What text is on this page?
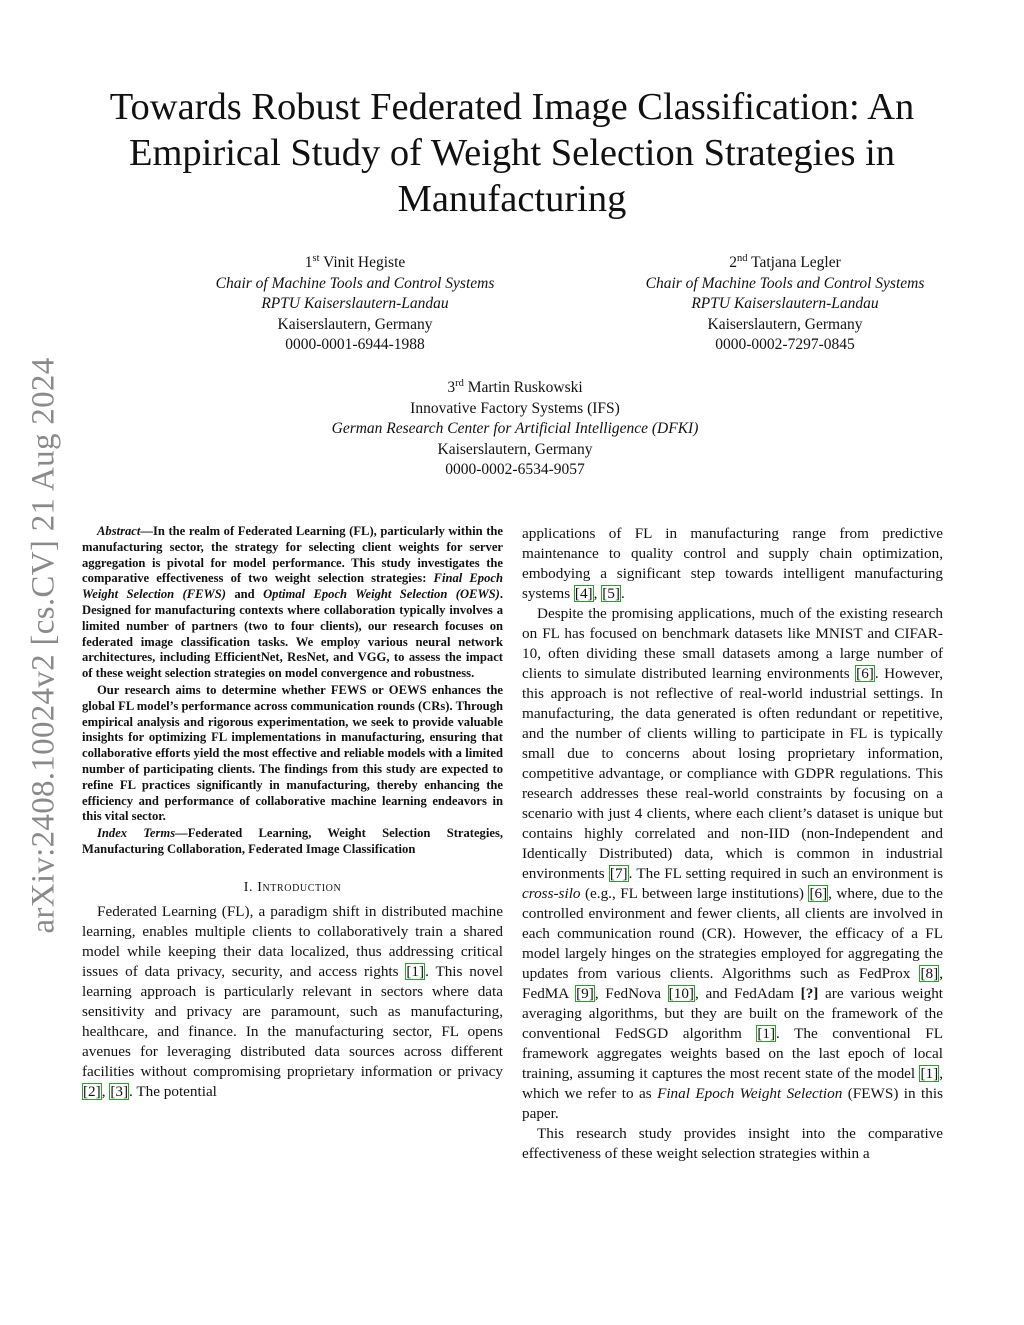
arXiv:2408.10024v2 [cs.CV] 21 Aug 2024
Towards Robust Federated Image Classification: An Empirical Study of Weight Selection Strategies in Manufacturing
1st Vinit Hegiste
Chair of Machine Tools and Control Systems
RPTU Kaiserslautern-Landau
Kaiserslautern, Germany
0000-0001-6944-1988
2nd Tatjana Legler
Chair of Machine Tools and Control Systems
RPTU Kaiserslautern-Landau
Kaiserslautern, Germany
0000-0002-7297-0845
3rd Martin Ruskowski
Innovative Factory Systems (IFS)
German Research Center for Artificial Intelligence (DFKI)
Kaiserslautern, Germany
0000-0002-6534-9057

Abstract—In the realm of Federated Learning (FL), particularly within the manufacturing sector, the strategy for selecting client weights for server aggregation is pivotal for model performance. This study investigates the comparative effectiveness of two weight selection strategies: Final Epoch Weight Selection (FEWS) and Optimal Epoch Weight Selection (OEWS). Designed for manufacturing contexts where collaboration typically involves a limited number of partners (two to four clients), our research focuses on federated image classification tasks. We employ various neural network architectures, including EfficientNet, ResNet, and VGG, to assess the impact of these weight selection strategies on model convergence and robustness.

Our research aims to determine whether FEWS or OEWS enhances the global FL model’s performance across communication rounds (CRs). Through empirical analysis and rigorous experimentation, we seek to provide valuable insights for optimizing FL implementations in manufacturing, ensuring that collaborative efforts yield the most effective and reliable models with a limited number of participating clients. The findings from this study are expected to refine FL practices significantly in manufacturing, thereby enhancing the efficiency and performance of collaborative machine learning endeavors in this vital sector.

Index Terms—Federated Learning, Weight Selection Strategies, Manufacturing Collaboration, Federated Image Classification

I. Introduction

Federated Learning (FL), a paradigm shift in distributed machine learning, enables multiple clients to collaboratively train a shared model while keeping their data localized, thus addressing critical issues of data privacy, security, and access rights [1]. This novel learning approach is particularly relevant in sectors where data sensitivity and privacy are paramount, such as manufacturing, healthcare, and finance. In the manufacturing sector, FL opens avenues for leveraging distributed data sources across different facilities without compromising proprietary information or privacy [2], [3]. The potential

applications of FL in manufacturing range from predictive maintenance to quality control and supply chain optimization, embodying a significant step towards intelligent manufacturing systems [4], [5].

Despite the promising applications, much of the existing research on FL has focused on benchmark datasets like MNIST and CIFAR-10, often dividing these small datasets among a large number of clients to simulate distributed learning environments [6]. However, this approach is not reflective of real-world industrial settings. In manufacturing, the data generated is often redundant or repetitive, and the number of clients willing to participate in FL is typically small due to concerns about losing proprietary information, competitive advantage, or compliance with GDPR regulations. This research addresses these real-world constraints by focusing on a scenario with just 4 clients, where each client’s dataset is unique but contains highly correlated and non-IID (non-Independent and Identically Distributed) data, which is common in industrial environments [7]. The FL setting required in such an environment is cross-silo (e.g., FL between large institutions) [6], where, due to the controlled environment and fewer clients, all clients are involved in each communication round (CR). However, the efficacy of a FL model largely hinges on the strategies employed for aggregating the updates from various clients. Algorithms such as FedProx [8], FedMA [9], FedNova [10], and FedAdam [?] are various weight averaging algorithms, but they are built on the framework of the conventional FedSGD algorithm [1]. The conventional FL framework aggregates weights based on the last epoch of local training, assuming it captures the most recent state of the model [1], which we refer to as Final Epoch Weight Selection (FEWS) in this paper.

This research study provides insight into the comparative effectiveness of these weight selection strategies within a
